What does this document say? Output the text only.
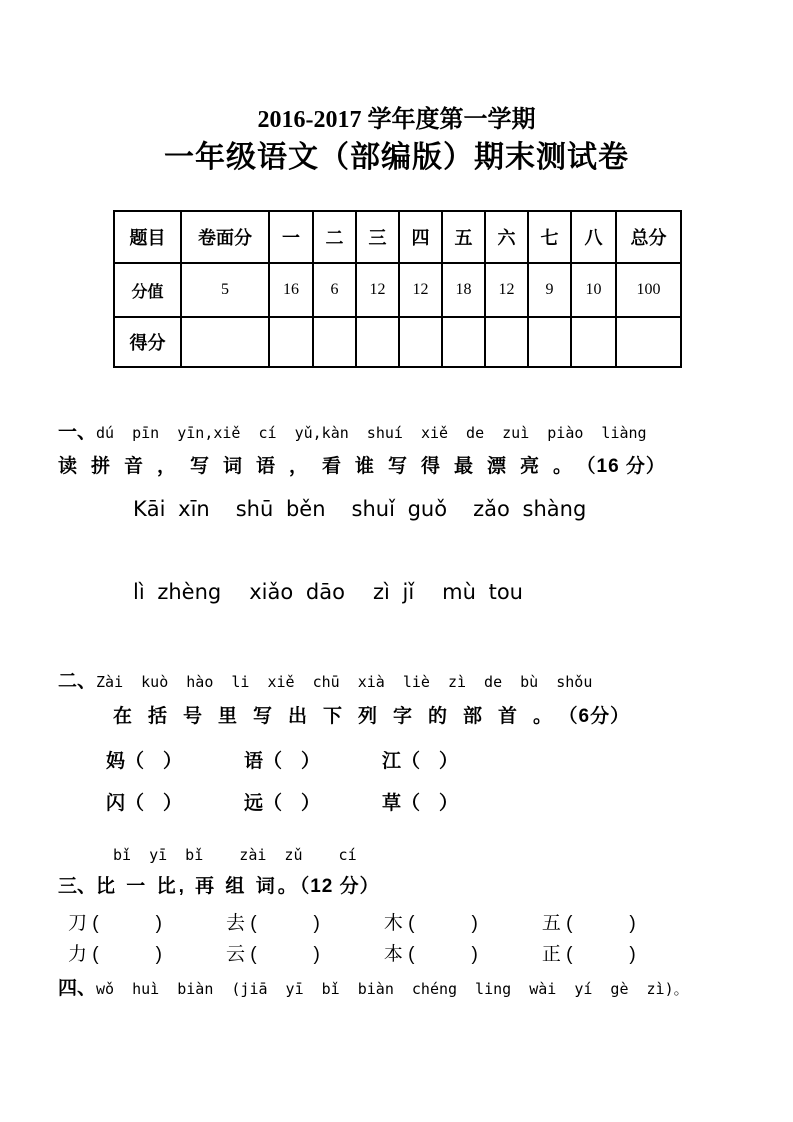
2016-2017 学年度第一学期
一年级语文（部编版）期末测试卷
题目	卷面分	一	二	三	四	五	六	七	八	总分
分值	5	16	6	12	12	18	12	9	10	100
得分										
一、dú pīn yīn,xiě cí yǔ,kàn shuí xiě de zuì piào liàng
读拼音，写词语，看谁写得最漂亮。（16 分）
Kāi xīn shū běn shuǐ guǒ zǎo shàng
lì zhèng xiǎo dāo zì jǐ mù tou
二、Zài kuò hào li xiě chū xià liè zì de bù shǒu
在括号里写出下列字的部首。（6分）
妈（　）	语（　）	江（　）
闪（　）	远（　）	草（　）
bǐ yī bǐ  zài zǔ  cí
三、比 一 比, 再 组 词。（12 分）
刀 (　　　)	去 (　　　)	木 (　　　)	五 (　　　)
力 (　　　)	云 (　　　)	本 (　　　)	正 (　　　)
四、wǒ huì biàn (jiā yī bǐ biàn chéng ling wài yí gè zì)。
